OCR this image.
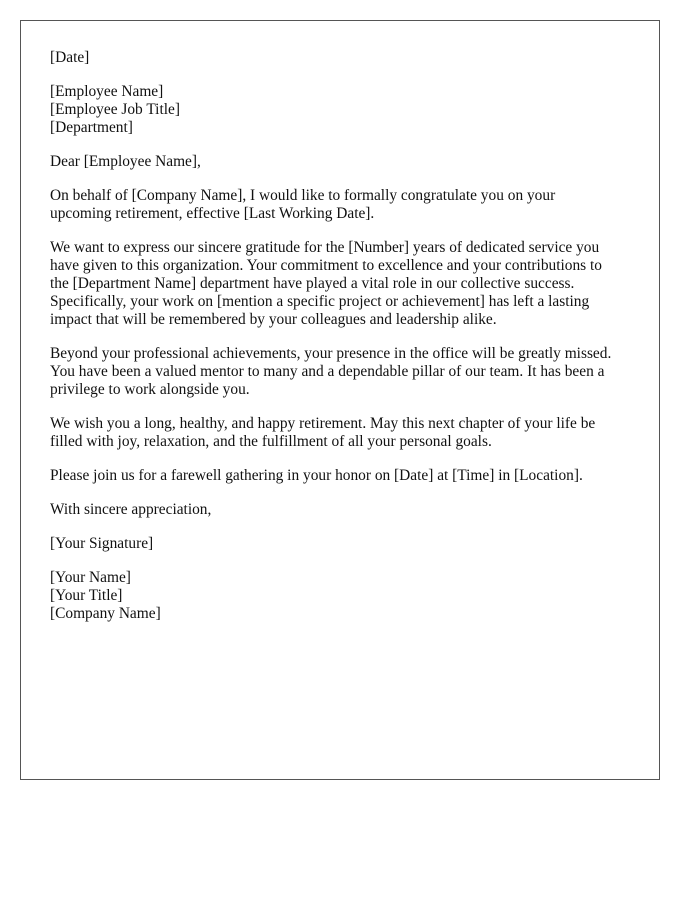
[Date]
[Employee Name]
[Employee Job Title]
[Department]
Dear [Employee Name],
On behalf of [Company Name], I would like to formally congratulate you on your
upcoming retirement, effective [Last Working Date].
We want to express our sincere gratitude for the [Number] years of dedicated service you
have given to this organization. Your commitment to excellence and your contributions to
the [Department Name] department have played a vital role in our collective success.
Specifically, your work on [mention a specific project or achievement] has left a lasting
impact that will be remembered by your colleagues and leadership alike.
Beyond your professional achievements, your presence in the office will be greatly missed.
You have been a valued mentor to many and a dependable pillar of our team. It has been a
privilege to work alongside you.
We wish you a long, healthy, and happy retirement. May this next chapter of your life be
filled with joy, relaxation, and the fulfillment of all your personal goals.
Please join us for a farewell gathering in your honor on [Date] at [Time] in [Location].
With sincere appreciation,
[Your Signature]
[Your Name]
[Your Title]
[Company Name]
